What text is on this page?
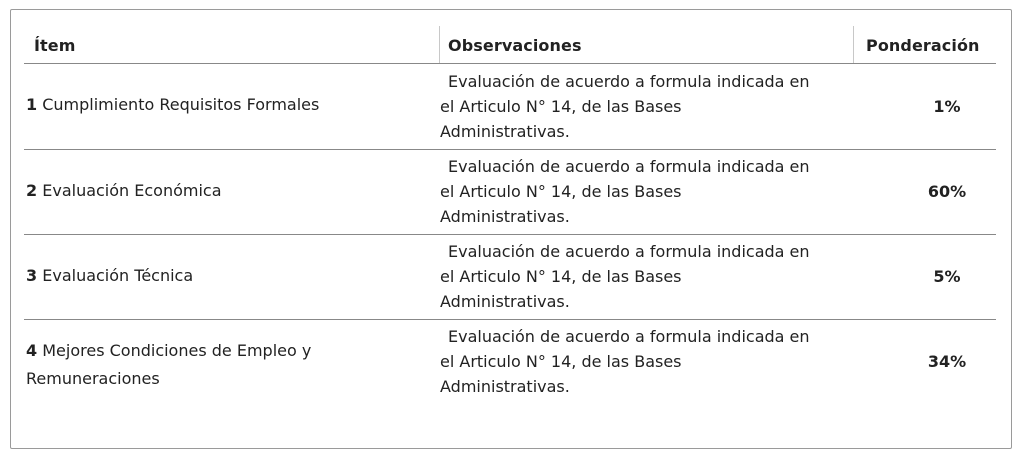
Ítem	Observaciones	Ponderación
1 Cumplimiento Requisitos Formales
Evaluación de acuerdo a formula indicada en
el Articulo N° 14, de las Bases
Administrativas.
1%
2 Evaluación Económica
Evaluación de acuerdo a formula indicada en
el Articulo N° 14, de las Bases
Administrativas.
60%
3 Evaluación Técnica
Evaluación de acuerdo a formula indicada en
el Articulo N° 14, de las Bases
Administrativas.
5%
4 Mejores Condiciones de Empleo y
Remuneraciones
Evaluación de acuerdo a formula indicada en
el Articulo N° 14, de las Bases
Administrativas.
34%
